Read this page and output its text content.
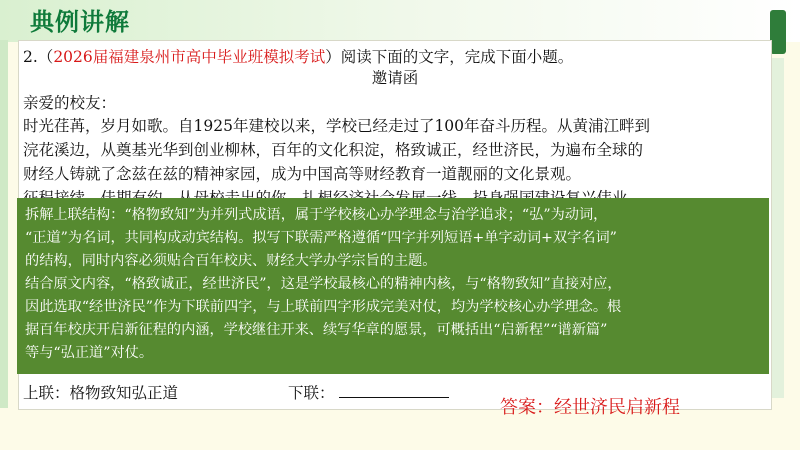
典例讲解
2.（2026届福建泉州市高中毕业班模拟考试）阅读下面的文字，完成下面小题。
邀请函
亲爱的校友：
时光荏苒，岁月如歌。自1925年建校以来，学校已经走过了100年奋斗历程。从黄浦江畔到
浣花溪边，从奠基光华到创业柳林，百年的文化积淀，格致诚正，经世济民，为遍布全球的
财经人铸就了念兹在兹的精神家园，成为中国高等财经教育一道靓丽的文化景观。
上联：格物致知弘正道	下联：
拆解上联结构：“格物致知”为并列式成语，属于学校核心办学理念与治学追求；“弘”为动词，
“正道”为名词，共同构成动宾结构。拟写下联需严格遵循“四字并列短语+单字动词+双字名词”
的结构，同时内容必须贴合百年校庆、财经大学办学宗旨的主题。
结合原文内容，“格致诚正，经世济民”，这是学校最核心的精神内核，与“格物致知”直接对应，
因此选取“经世济民”作为下联前四字，与上联前四字形成完美对仗，均为学校核心办学理念。根
据百年校庆开启新征程的内涵，学校继往开来、续写华章的愿景，可概括出“启新程”“谱新篇”
等与“弘正道”对仗。
答案：经世济民启新程
